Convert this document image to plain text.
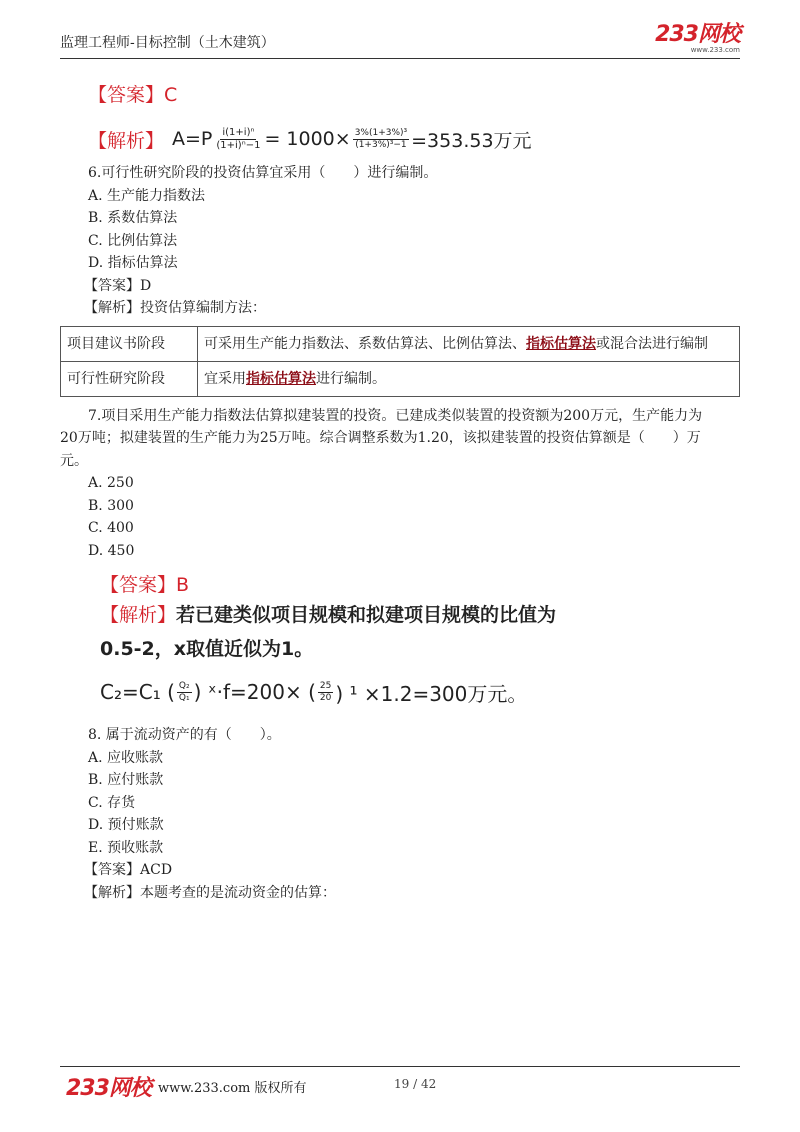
监理工程师-目标控制（土木建筑）	233网校
www.233.com
【答案】C
【解析】 $A=P \frac{\text{i(1+i)ⁿ}}{\text{(1+i)ⁿ−1}} = 1000\times \frac{\text{3\%(1+3\%)³}}{\text{(1+3\%)³−1}} =353.53$万元
6.可行性研究阶段的投资估算宜采用（　　）进行编制。
A. 生产能力指数法
B. 系数估算法
C. 比例估算法
D. 指标估算法
【答案】D
【解析】投资估算编制方法：
项目建议书阶段	可采用生产能力指数法、系数估算法、比例估算法、指标估算法或混合法进行编制
可行性研究阶段	宜采用指标估算法进行编制。
7.项目采用生产能力指数法估算拟建装置的投资。已建成类似装置的投资额为200万元，生产能力为
20万吨；拟建装置的生产能力为25万吨。综合调整系数为1.20，该拟建装置的投资估算额是（　　）万
元。
A. 250
B. 300
C. 400
D. 450
【答案】B
【解析】若已建类似项目规模和拟建项目规模的比值为
0.5-2，x取值近似为1。
C₂=C₁ ( $\frac{\text{Q₂}}{\text{Q₁}}$ ) ˣ·f=200× ( $\frac{25}{20}$ ) ¹ ×1.2=300万元。
8. 属于流动资产的有（　　）。
A. 应收账款
B. 应付账款
C. 存货
D. 预付账款
E. 预收账款
【答案】ACD
【解析】本题考查的是流动资金的估算：
233网校 www.233.com 版权所有	19 / 42
